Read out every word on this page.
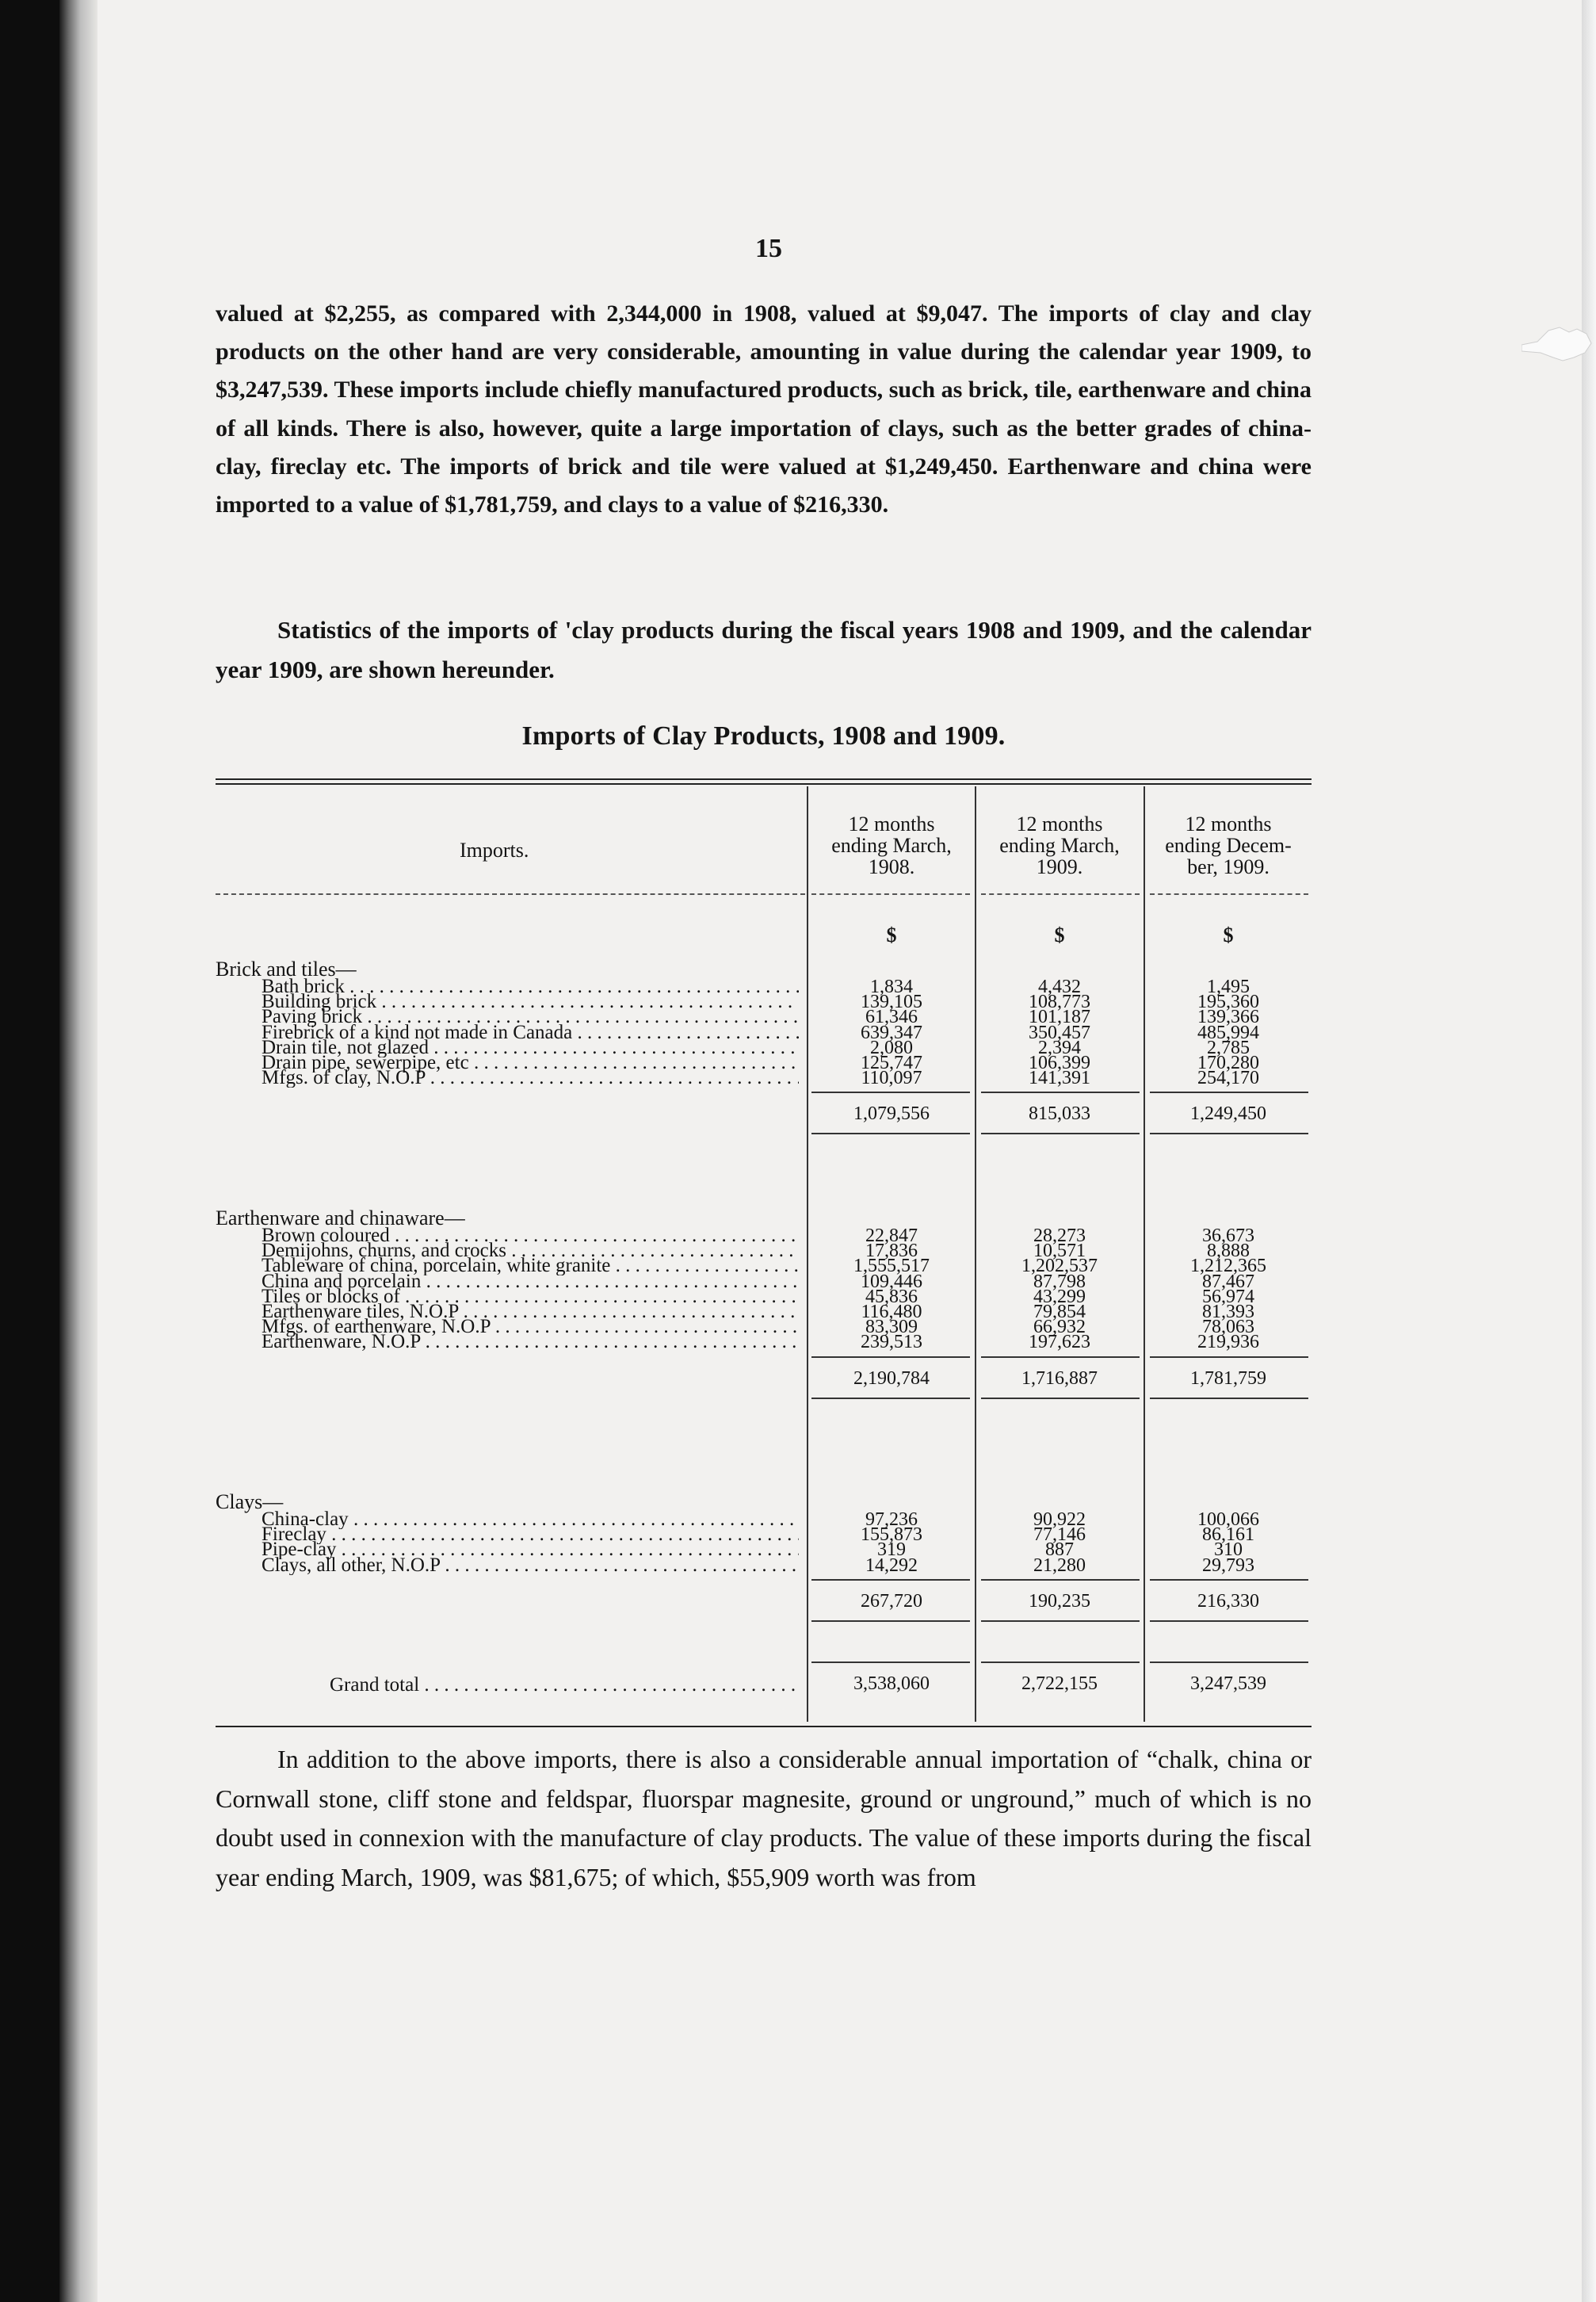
15

valued at $2,255, as compared with 2,344,000 in 1908, valued at $9,047. The imports of clay and clay products on the other hand are very considerable, amounting in value during the calendar year 1909, to $3,247,539. These imports include chiefly manufactured products, such as brick, tile, earthenware and china of all kinds. There is also, however, quite a large importation of clays, such as the better grades of china-clay, fireclay etc. The imports of brick and tile were valued at $1,249,450. Earthenware and china were imported to a value of $1,781,759, and clays to a value of $216,330.

Statistics of the imports of 'clay products during the fiscal years 1908 and 1909, and the calendar year 1909, are shown hereunder.

Imports of Clay Products, 1908 and 1909.
Imports.
12 months
ending March,
1908.
12 months
ending March,
1909.
12 months
ending Decem-
ber, 1909.
$	$	$
Brick and tiles—
Bath brick . . .	1,834	4,432	1,495
Building brick . . .	139,105	108,773	195,360
Paving brick . . .	61,346	101,187	139,366
Firebrick of a kind not made in Canada . . .	639,347	350,457	485,994
Drain tile, not glazed . . .	2,080	2,394	2,785
Drain pipe, sewerpipe, etc . . .	125,747	106,399	170,280
Mfgs. of clay, N.O.P . . .	110,097	141,391	254,170
1,079,556	815,033	1,249,450
Earthenware and chinaware—
Brown coloured . . .	22,847	28,273	36,673
Demijohns, churns, and crocks . . .	17,836	10,571	8,888
Tableware of china, porcelain, white granite . . .	1,555,517	1,202,537	1,212,365
China and porcelain . . .	109,446	87,798	87,467
Tiles or blocks of . . .	45,836	43,299	56,974
Earthenware tiles, N.O.P . . .	116,480	79,854	81,393
Mfgs. of earthenware, N.O.P . . .	83,309	66,932	78,063
Earthenware, N.O.P . . .	239,513	197,623	219,936
2,190,784	1,716,887	1,781,759
Clays—
China-clay . . .	97,236	90,922	100,066
Fireclay . . .	155,873	77,146	86,161
Pipe-clay . . .	319	887	310
Clays, all other, N.O.P . . .	14,292	21,280	29,793
267,720	190,235	216,330
Grand total . . .	3,538,060	2,722,155	3,247,539

In addition to the above imports, there is also a considerable annual importation of “chalk, china or Cornwall stone, cliff stone and feldspar, fluorspar magnesite, ground or unground,” much of which is no doubt used in connexion with the manufacture of clay products. The value of these imports during the fiscal year ending March, 1909, was $81,675; of which, $55,909 worth was from
